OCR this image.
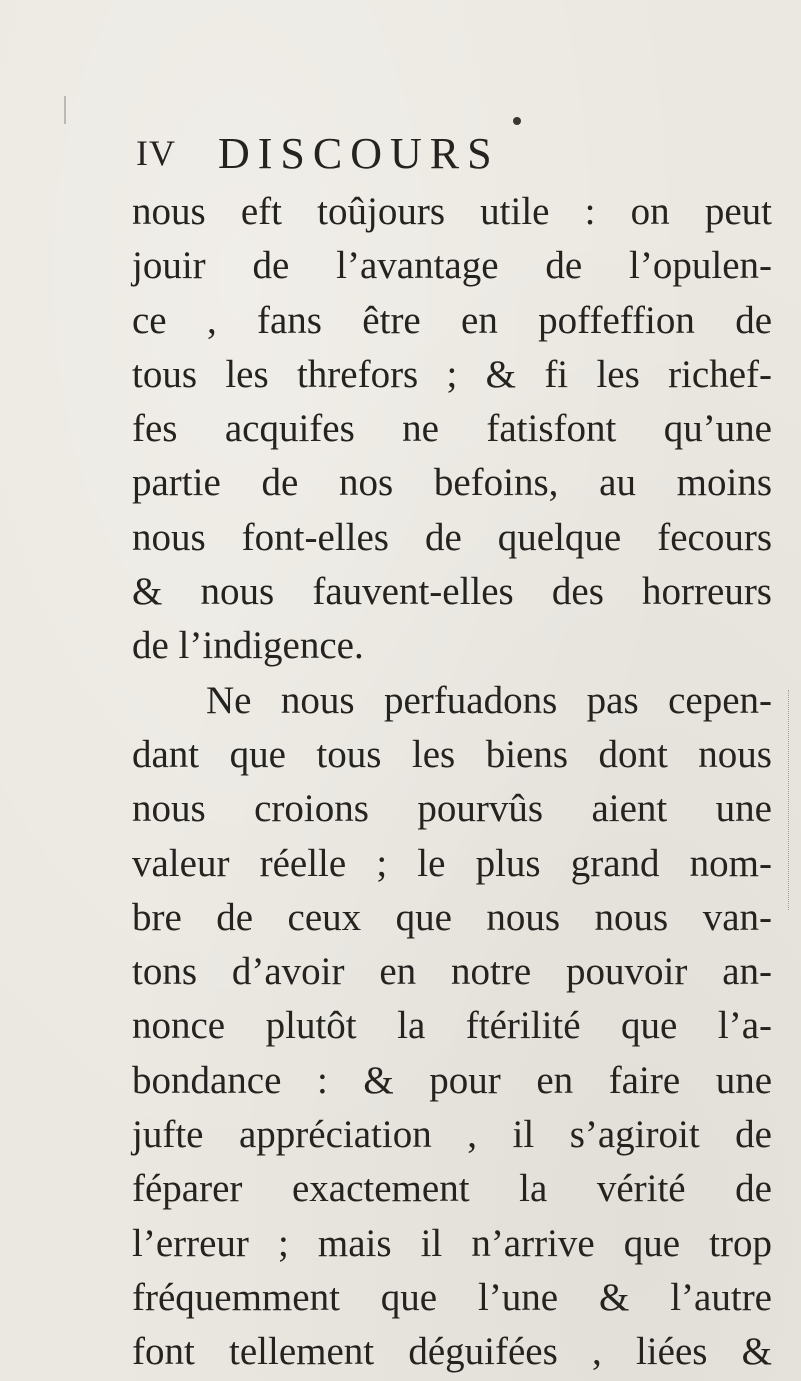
IV DISCOURS
nous eft toûjours utile : on peut
jouir de l’avantage de l’opulen-
ce , fans être en poffeffion de
tous les threfors ; & fi les richef-
fes acquifes ne fatisfont qu’une
partie de nos befoins, au moins
nous font-elles de quelque fecours
& nous fauvent-elles des horreurs
de l’indigence.
Ne nous perfuadons pas cepen-
dant que tous les biens dont nous
nous croions pourvûs aient une
valeur réelle ; le plus grand nom-
bre de ceux que nous nous van-
tons d’avoir en notre pouvoir an-
nonce plutôt la ftérilité que l’a-
bondance : & pour en faire une
jufte appréciation , il s’agiroit de
féparer exactement la vérité de
l’erreur ; mais il n’arrive que trop
fréquemment que l’une & l’autre
font tellement déguifées , liées &
